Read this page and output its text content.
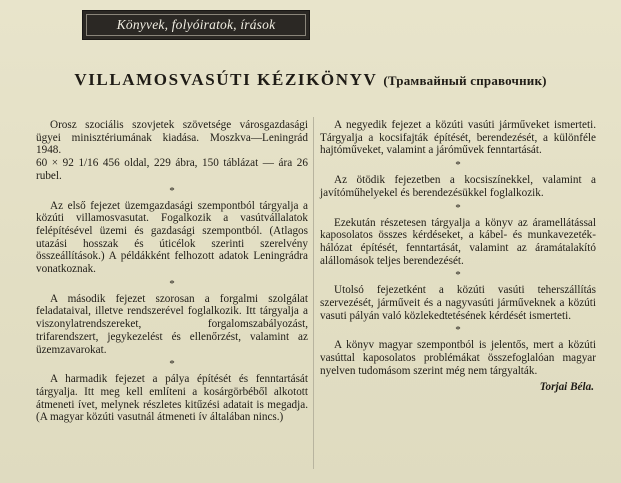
Könyvek, folyóiratok, írások
VILLAMOSVASÚTI KÉZIKÖNYV (Трамвайный справочник)

Orosz szociális szovjetek szövetsége városgazdasági ügyei minisztériumának kiadása. Moszkva—Leningrád 1948.

60 × 92 1/16 456 oldal, 229 ábra, 150 táblázat — ára 26 rubel.

*

Az első fejezet üzemgazdasági szempontból tárgyalja a közúti villamosvasutat. Fogalkozik a vasútvállalatok felépítésével üzemi és gazdasági szempontból. (Atlagos utazási hosszak és úticélok szerinti szerelvény összeállítások.) A példákként felhozott adatok Leningrádra vonatkoznak.

*

A második fejezet szorosan a forgalmi szolgálat feladataival, illetve rendszerével foglalkozik. Itt tárgyalja a viszonylatrendszereket, forgalomszabályozást, trifarendszert, jegykezelést és ellenőrzést, valamint az üzemzavarokat.

*

A harmadik fejezet a pálya építését és fenntartását tárgyalja. Itt meg kell említeni a kosárgörbéből alkotott átmeneti ívet, melynek részletes kitűzési adatait is megadja. (A magyar közúti vasutnál átmeneti ív általában nincs.)

A negyedik fejezet a közúti vasúti járműveket ismerteti. Tárgyalja a kocsifajták építését, berendezését, a különféle hajtóműveket, valamint a járóművek fenntartását.

*

Az ötödik fejezetben a kocsiszínekkel, valamint a javítóműhelyekel és berendezésükkel foglalkozik.

*

Ezekután részetesen tárgyalja a könyv az áramellátással kaposolatos összes kérdéseket, a kábel- és munkavezeték-hálózat építését, fenntartását, valamint az áramátalakító alállomások teljes berendezését.

*

Utolsó fejezetként a közúti vasúti teherszállítás szervezését, járműveit és a nagyvasúti járműveknek a közúti vasuti pályán való közlekedtetésének kérdését ismerteti.

*

A könyv magyar szempontból is jelentős, mert a közúti vasúttal kaposolatos problémákat összefoglalóan magyar nyelven tudomásom szerint még nem tárgyalták.

Torjai Béla.
